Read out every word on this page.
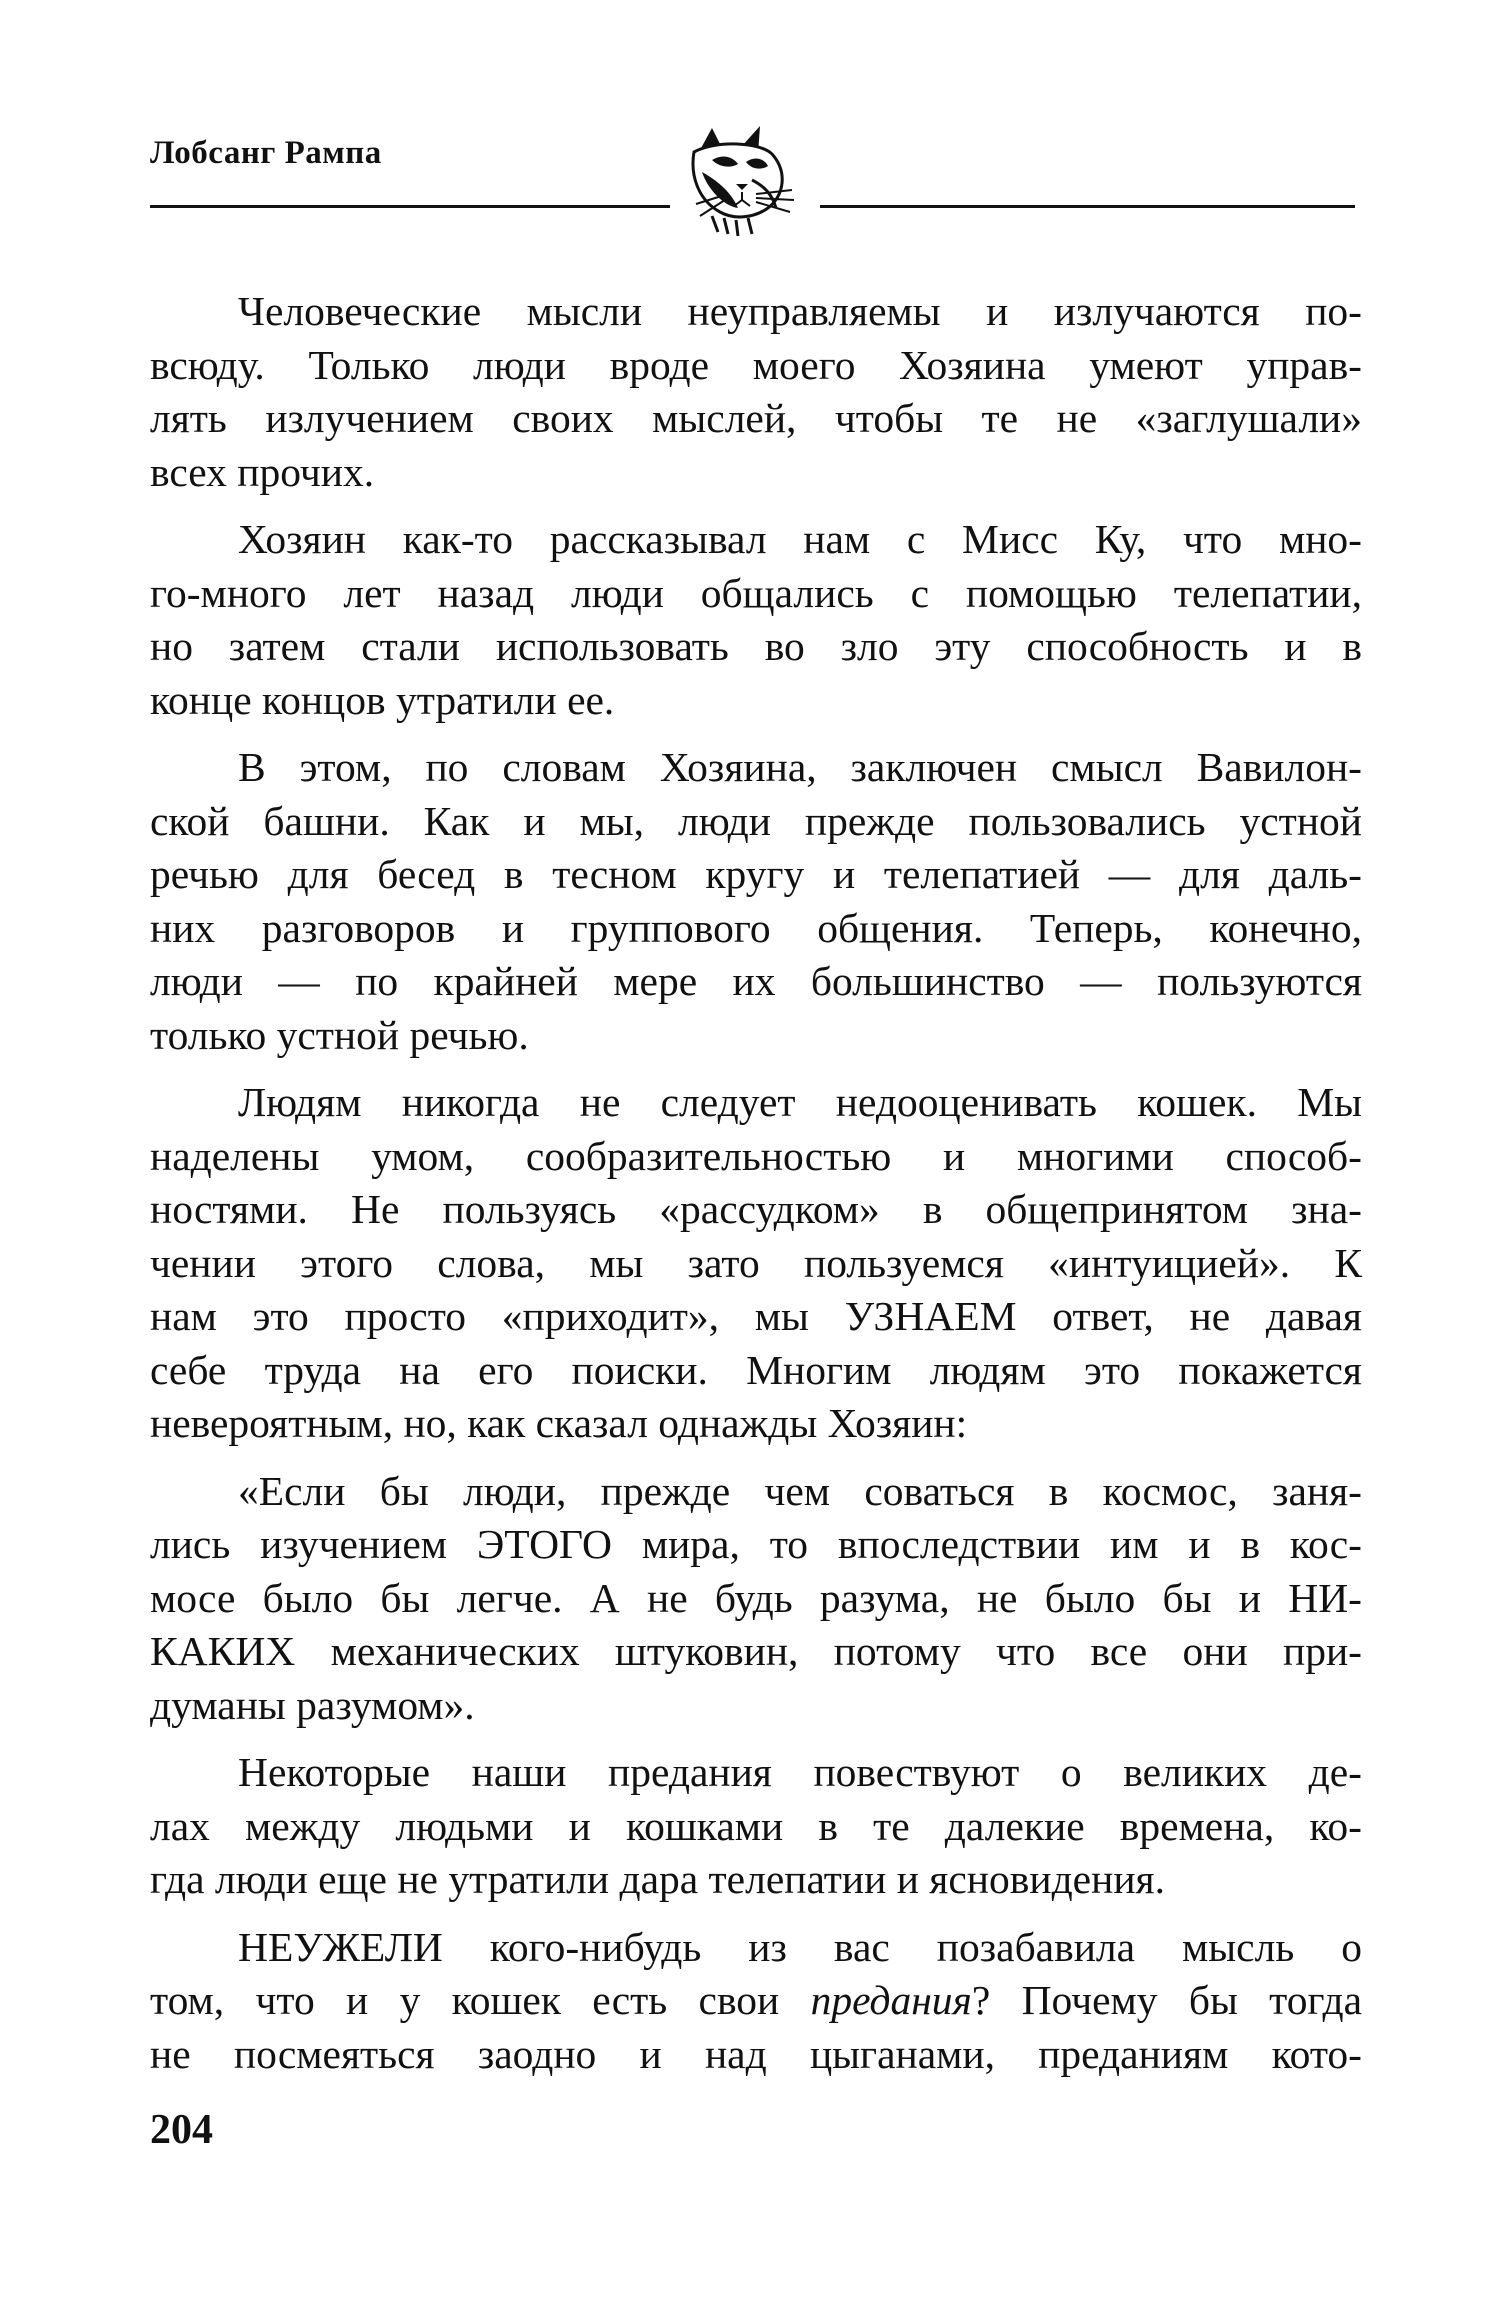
Лобсанг Рампа

Человеческие мысли неуправляемы и излучаются по-
всюду. Только люди вроде моего Хозяина умеют управ-
лять излучением своих мыслей, чтобы те не «заглушали»
всех прочих.

Хозяин как-то рассказывал нам с Мисс Ку, что мно-
го-много лет назад люди общались с помощью телепатии,
но затем стали использовать во зло эту способность и в
конце концов утратили ее.

В этом, по словам Хозяина, заключен смысл Вавилон-
ской башни. Как и мы, люди прежде пользовались устной
речью для бесед в тесном кругу и телепатией — для даль-
них разговоров и группового общения. Теперь, конечно,
люди — по крайней мере их большинство — пользуются
только устной речью.

Людям никогда не следует недооценивать кошек. Мы
наделены умом, сообразительностью и многими способ-
ностями. Не пользуясь «рассудком» в общепринятом зна-
чении этого слова, мы зато пользуемся «интуицией». К
нам это просто «приходит», мы УЗНАЕМ ответ, не давая
себе труда на его поиски. Многим людям это покажется
невероятным, но, как сказал однажды Хозяин:

«Если бы люди, прежде чем соваться в космос, заня-
лись изучением ЭТОГО мира, то впоследствии им и в кос-
мосе было бы легче. А не будь разума, не было бы и НИ-
КАКИХ механических штуковин, потому что все они при-
думаны разумом».

Некоторые наши предания повествуют о великих де-
лах между людьми и кошками в те далекие времена, ко-
гда люди еще не утратили дара телепатии и ясновидения.

НЕУЖЕЛИ кого-нибудь из вас позабавила мысль о
том, что и у кошек есть свои предания? Почему бы тогда
не посмеяться заодно и над цыганами, преданиям кото-

204
